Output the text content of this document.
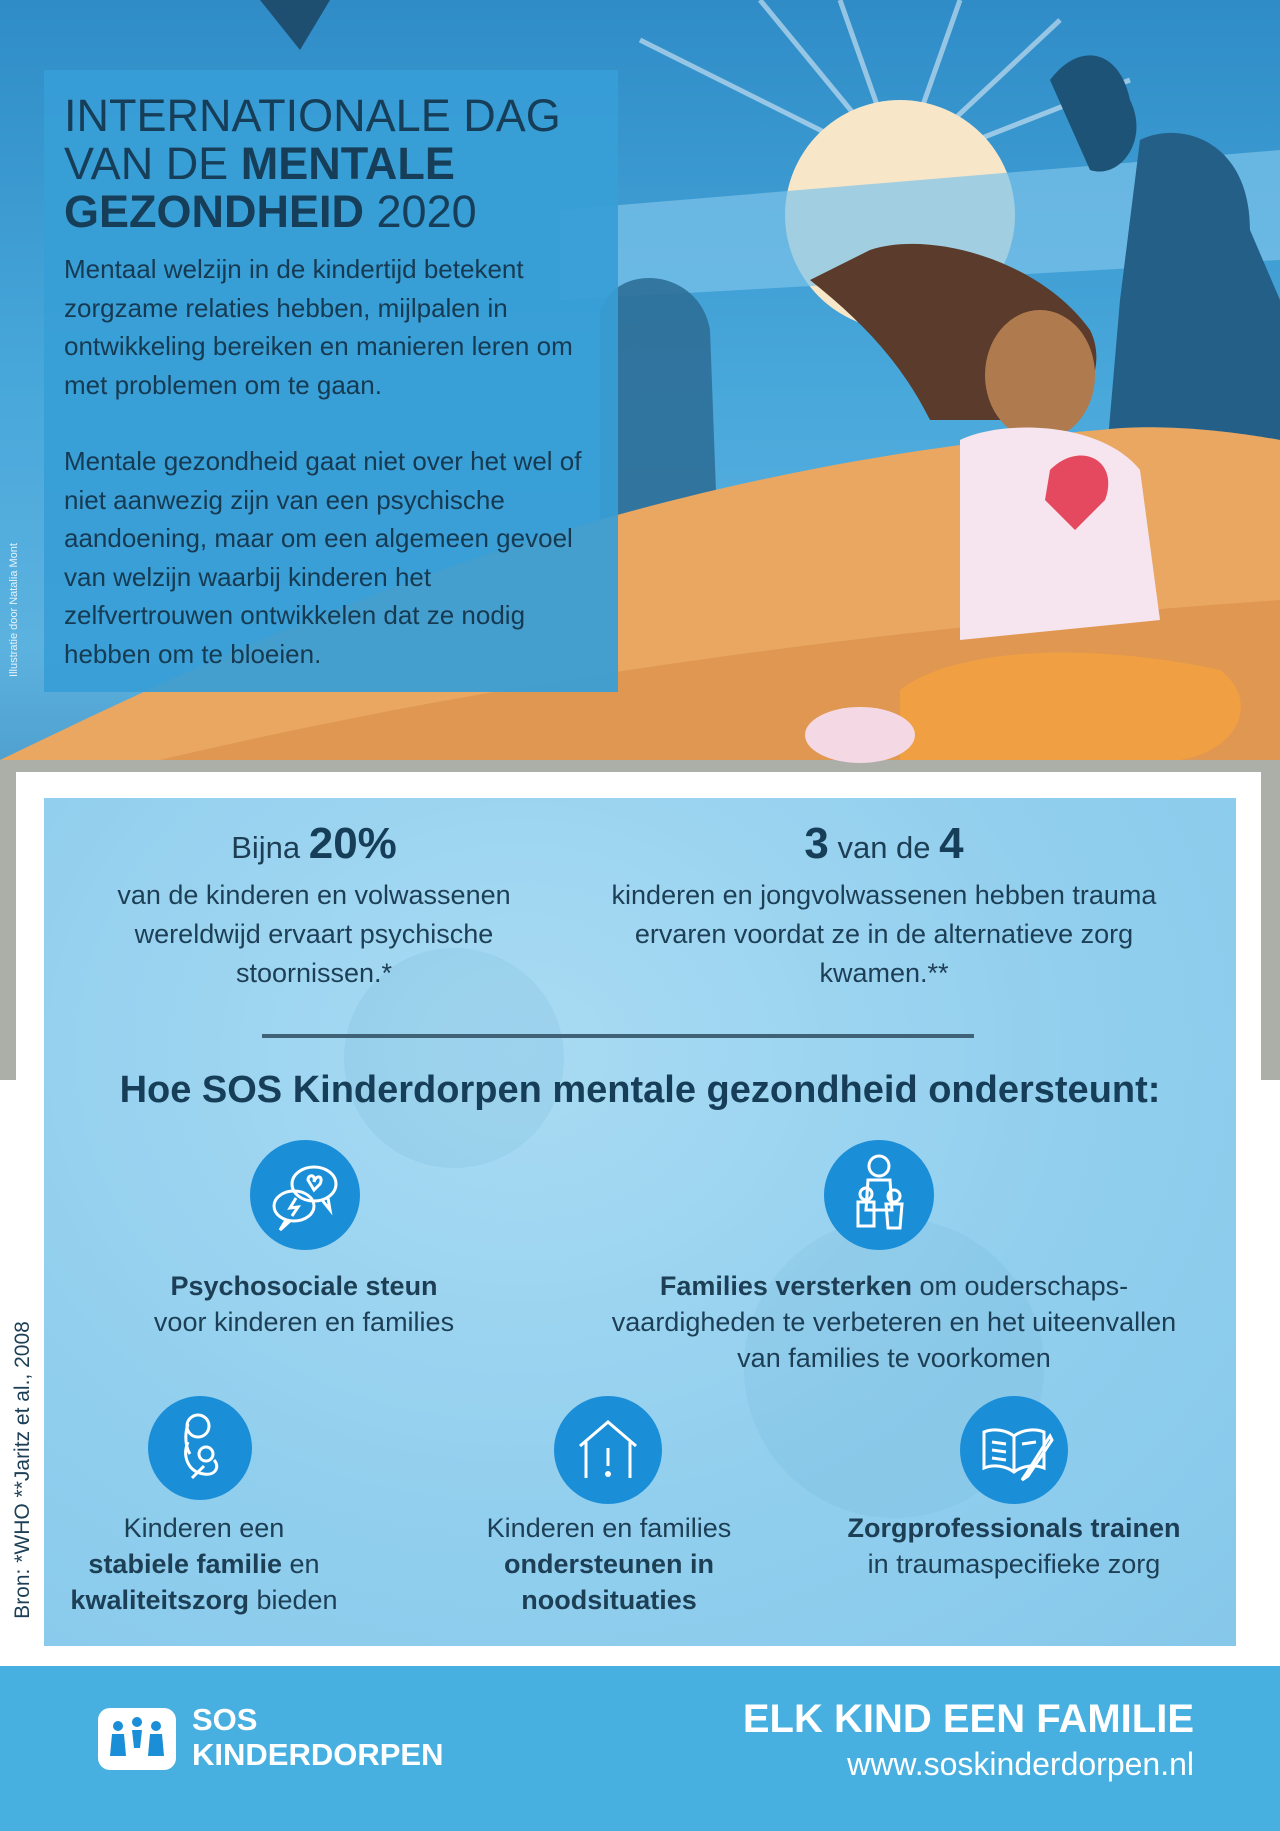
Illustratie door Natalia Mont
INTERNATIONALE DAG
VAN DE MENTALE
GEZONDHEID 2020

Mentaal welzijn in de kindertijd betekent zorgzame relaties hebben, mijlpalen in ontwikkeling bereiken en manieren leren om met problemen om te gaan.

Mentale gezondheid gaat niet over het wel of niet aanwezig zijn van een psychische aandoening, maar om een algemeen gevoel van welzijn waarbij kinderen het zelfvertrouwen ontwikkelen dat ze nodig hebben om te bloeien.

Bijna 20%
van de kinderen en volwassenen wereldwijd ervaart psychische stoornissen.*
3 van de 4
kinderen en jongvolwassenen hebben trauma ervaren voordat ze in de alternatieve zorg kwamen.**
Hoe SOS Kinderdorpen mentale gezondheid ondersteunt:
Psychosociale steun
voor kinderen en families
Families versterken om ouderschaps-vaardigheden te verbeteren en het uiteenvallen van families te voorkomen
Kinderen een
stabiele familie en
kwaliteitszorg bieden
Kinderen en families
ondersteunen in noodsituaties
Zorgprofessionals trainen
in traumaspecifieke zorg
Bron: *WHO **Jaritz et al., 2008
SOS
KINDERDORPEN
ELK KIND EEN FAMILIE
www.soskinderdorpen.nl
